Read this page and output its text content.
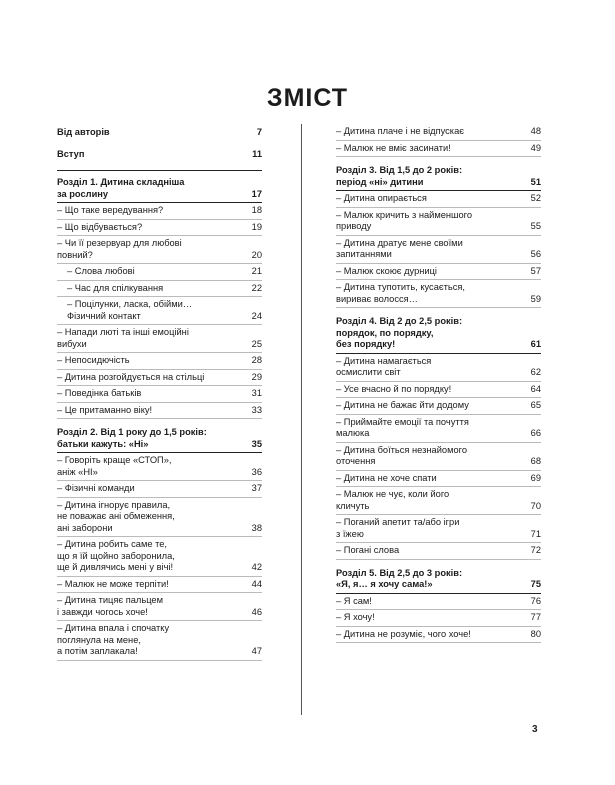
ЗМІСТ
Від авторів	7
Вступ	11
Розділ 1. Дитина складніша
за рослину	17
– Що таке вередування?	18
– Що відбувається?	19
– Чи її резервуар для любові
повний?	20
– Слова любові	21
– Час для спілкування	22
– Поцілунки, ласка, обійми…
Фізичний контакт	24
– Напади люті та інші емоційні
вибухи	25
– Непосидючість	28
– Дитина розгойдується на стільці	29
– Поведінка батьків	31
– Це притаманно віку!	33
Розділ 2. Від 1 року до 1,5 років:
батьки кажуть: «Ні»	35
– Говоріть краще «СТОП»,
аніж «НІ»	36
– Фізичні команди	37
– Дитина ігнорує правила,
не поважає ані обмеження,
ані заборони	38
– Дитина робить саме те,
що я їй щойно заборонила,
ще й дивлячись мені у вічі!	42
– Малюк не може терпіти!	44
– Дитина тицяє пальцем
і завжди чогось хоче!	46
– Дитина впала і спочатку
поглянула на мене,
а потім заплакала!	47
– Дитина плаче і не відпускає	48
– Малюк не вміє засинати!	49
Розділ 3. Від 1,5 до 2 років:
період «ні» дитини	51
– Дитина опирається	52
– Малюк кричить з найменшого
приводу	55
– Дитина дратує мене своїми
запитаннями	56
– Малюк скоює дурниці	57
– Дитина тупотить, кусається,
вириває волосся…	59
Розділ 4. Від 2 до 2,5 років:
порядок, по порядку,
без порядку!	61
– Дитина намагається
осмислити світ	62
– Усе вчасно й по порядку!	64
– Дитина не бажає йти додому	65
– Приймайте емоції та почуття
малюка	66
– Дитина боїться незнайомого
оточення	68
– Дитина не хоче спати	69
– Малюк не чує, коли його
кличуть	70
– Поганий апетит та/або ігри
з їжею	71
– Погані слова	72
Розділ 5. Від 2,5 до 3 років:
«Я, я… я хочу сама!»	75
– Я сам!	76
– Я хочу!	77
– Дитина не розуміє, чого хоче!	80
3
